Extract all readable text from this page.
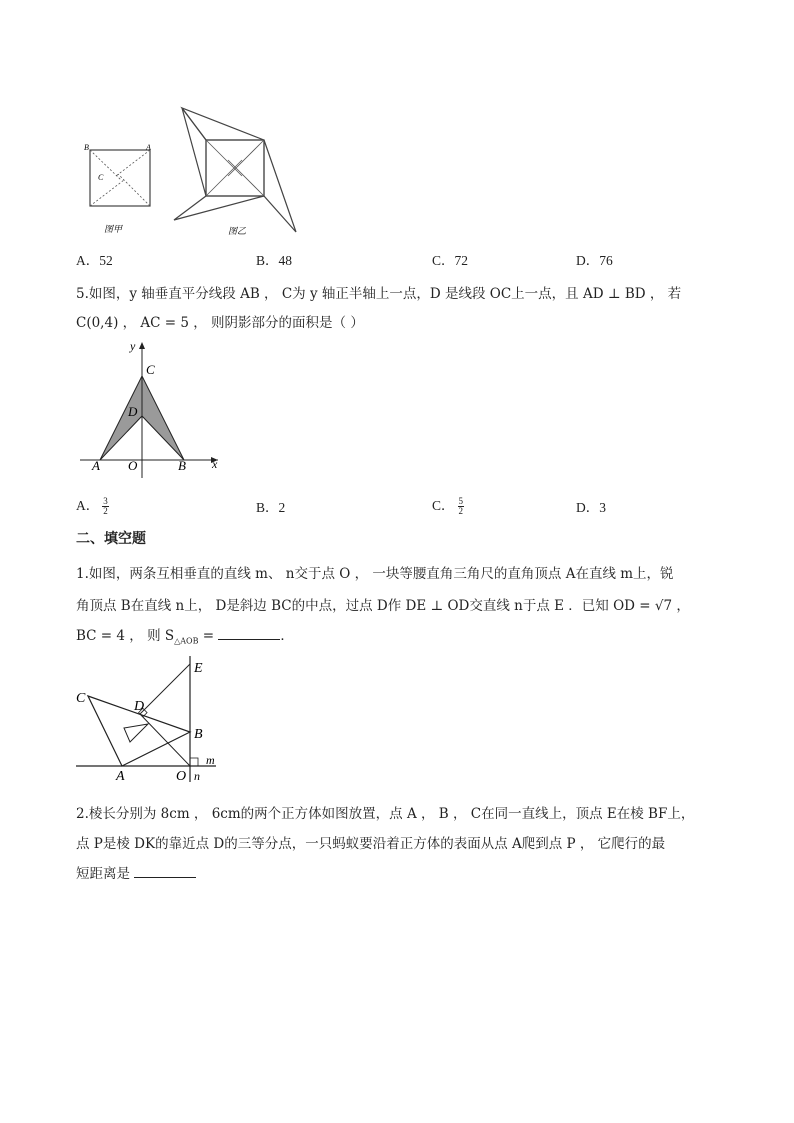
B	A
C
图甲	图乙
A．52	B．48	C．72	D．76
5.如图，y 轴垂直平分线段 AB ， C为 y 轴正半轴上一点，D 是线段 OC上一点，且 AD ⊥ BD ， 若
C(0,4) ， AC = 5 ， 则阴影部分的面积是（ ）
y
x
C
D
A O	B
A． $\frac{3}{2}$	B．2	C． $\frac{5}{2}$	D．3
二、填空题
1.如图，两条互相垂直的直线 m、 n交于点 O ， 一块等腰直角三角尺的直角顶点 A在直线 m上，锐
角顶点 B在直线 n上， D是斜边 BC的中点，过点 D作 DE ⊥ OD交直线 n于点 E ．已知 OD = √7 ，
BC = 4 ， 则 $S_{\triangle AOB}$ =	．
E
C
D
B
m
A	O n
2.棱长分别为 8cm ， 6cm的两个正方体如图放置，点 A ， B ， C在同一直线上，顶点 E在棱 BF上，
点 P是棱 DK的靠近点 D的三等分点，一只蚂蚁要沿着正方体的表面从点 A爬到点 P ， 它爬行的最
短距离是
